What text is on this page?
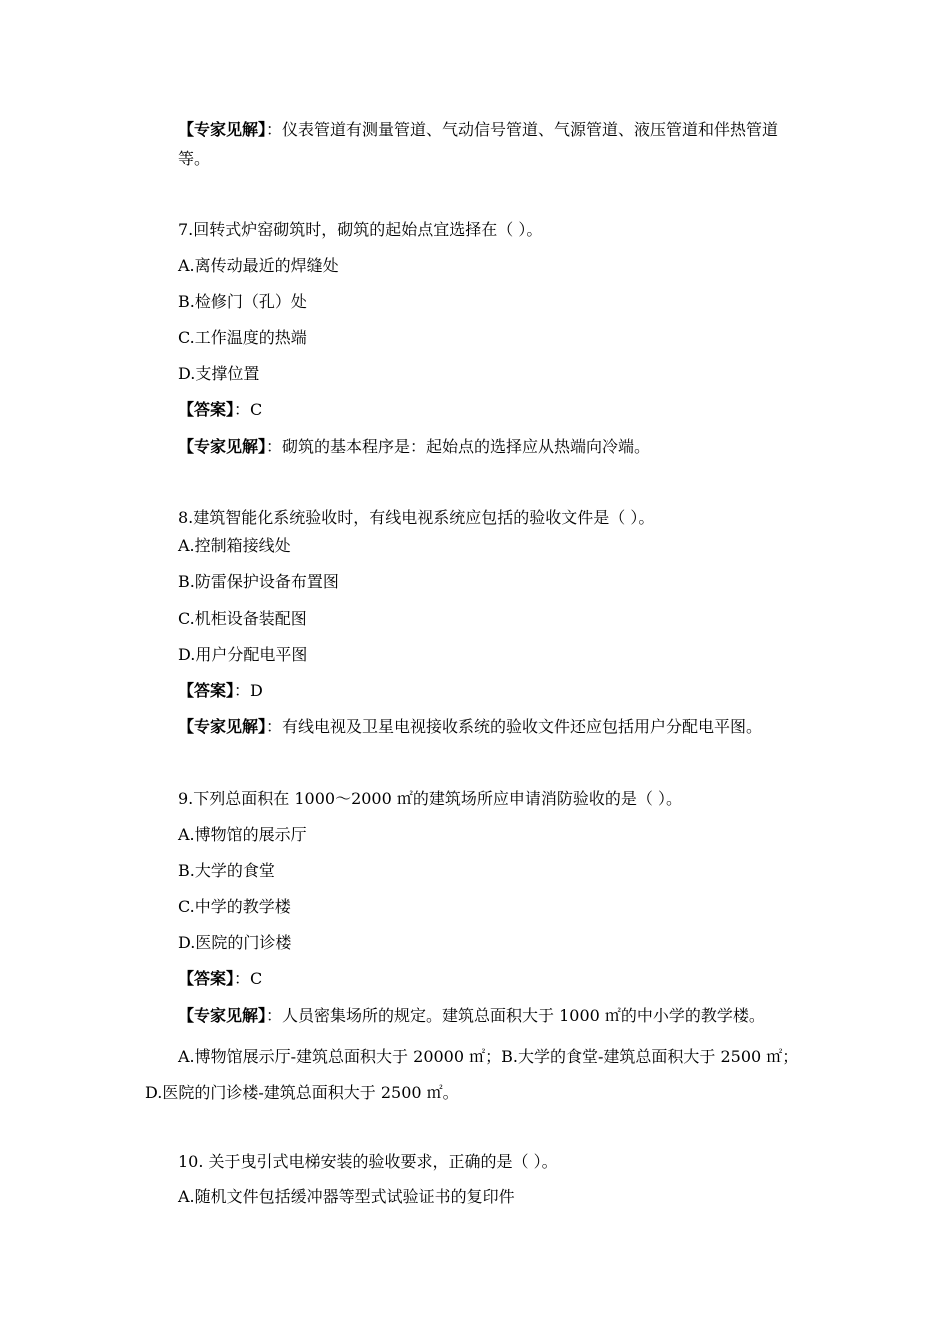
【专家见解】：仪表管道有测量管道、气动信号管道、气源管道、液压管道和伴热管道
等。
7.回转式炉窑砌筑时，砌筑的起始点宜选择在（ ）。
A.离传动最近的焊缝处
B.检修门（孔）处
C.工作温度的热端
D.支撑位置
【答案】：C
【专家见解】：砌筑的基本程序是：起始点的选择应从热端向冷端。
8.建筑智能化系统验收时，有线电视系统应包括的验收文件是（ ）。
A.控制箱接线处
B.防雷保护设备布置图
C.机柜设备装配图
D.用户分配电平图
【答案】：D
【专家见解】：有线电视及卫星电视接收系统的验收文件还应包括用户分配电平图。
9.下列总面积在 1000～2000 ㎡的建筑场所应申请消防验收的是（ ）。
A.博物馆的展示厅
B.大学的食堂
C.中学的教学楼
D.医院的门诊楼
【答案】：C
【专家见解】：人员密集场所的规定。建筑总面积大于 1000 ㎡的中小学的教学楼。
A.博物馆展示厅-建筑总面积大于 20000 ㎡；B.大学的食堂-建筑总面积大于 2500 ㎡；
D.医院的门诊楼-建筑总面积大于 2500 ㎡。
10. 关于曳引式电梯安装的验收要求，正确的是（ ）。
A.随机文件包括缓冲器等型式试验证书的复印件
